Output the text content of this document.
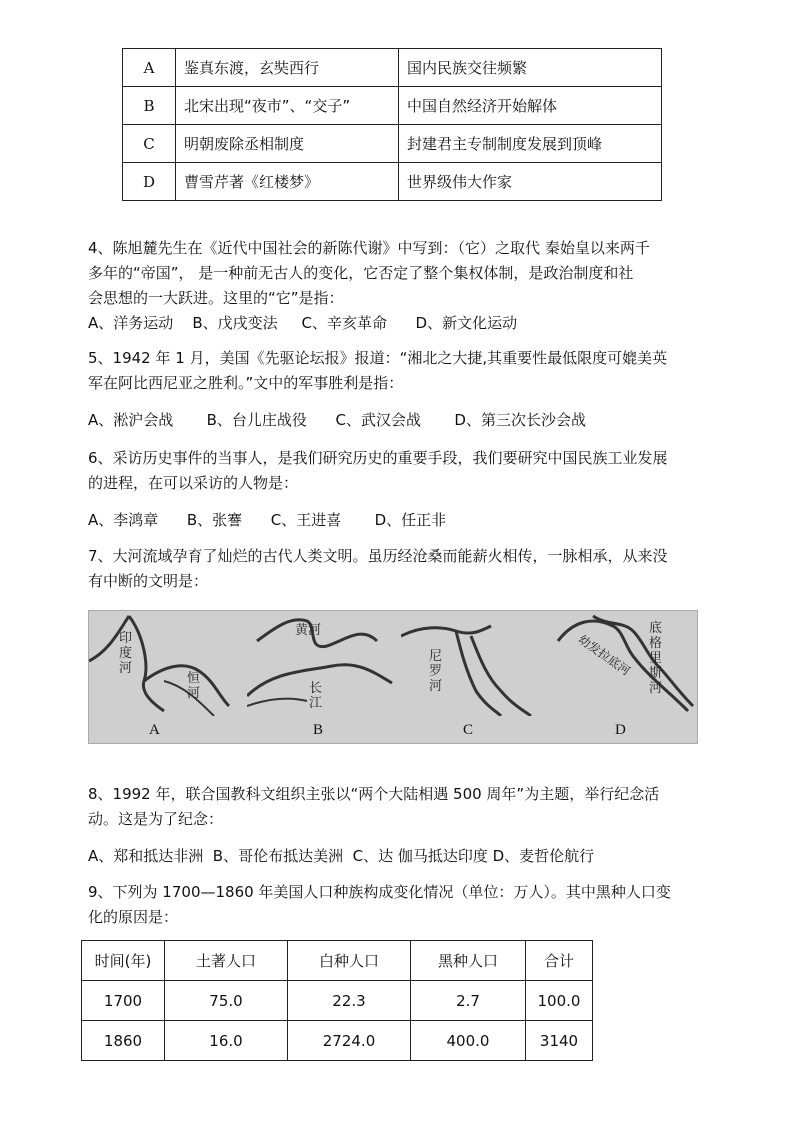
A	鉴真东渡，玄奘西行	国内民族交往频繁
B	北宋出现“夜市”、“交子”	中国自然经济开始解体
C	明朝废除丞相制度	封建君主专制制度发展到顶峰
D	曹雪芹著《红楼梦》	世界级伟大作家
4、陈旭麓先生在《近代中国社会的新陈代谢》中写到：（它）之取代 秦始皇以来两千
多年的“帝国”， 是一种前无古人的变化，它否定了整个集权体制，是政治制度和社
会思想的一大跃进。这里的“它”是指：
A、洋务运动    B、戊戌变法     C、辛亥革命      D、新文化运动
5、1942 年 1 月，美国《先驱论坛报》报道：“湘北之大捷,其重要性最低限度可媲美英
军在阿比西尼亚之胜利。”文中的军事胜利是指：
A、淞沪会战       B、台儿庄战役      C、武汉会战       D、第三次长沙会战
6、采访历史事件的当事人，是我们研究历史的重要手段，我们要研究中国民族工业发展
的进程，在可以采访的人物是：
A、李鸿章      B、张謇      C、王进喜       D、任正非
7、大河流域孕育了灿烂的古代人类文明。虽历经沧桑而能薪火相传，一脉相承，从来没
有中断的文明是：
印度河
恒河
A
黄河
长江
B
尼罗河
C
幼发拉底河
底格里斯河
D
8、1992 年，联合国教科文组织主张以“两个大陆相遇 500 周年”为主题，举行纪念活
动。这是为了纪念：
A、郑和抵达非洲  B、哥伦布抵达美洲  C、达 伽马抵达印度 D、麦哲伦航行
9、下列为 1700—1860 年美国人口种族构成变化情况（单位：万人）。其中黑种人口变
化的原因是：
时间(年)	土著人口	白种人口	黑种人口	合计
1700	75.0	22.3	2.7	100.0
1860	16.0	2724.0	400.0	3140
